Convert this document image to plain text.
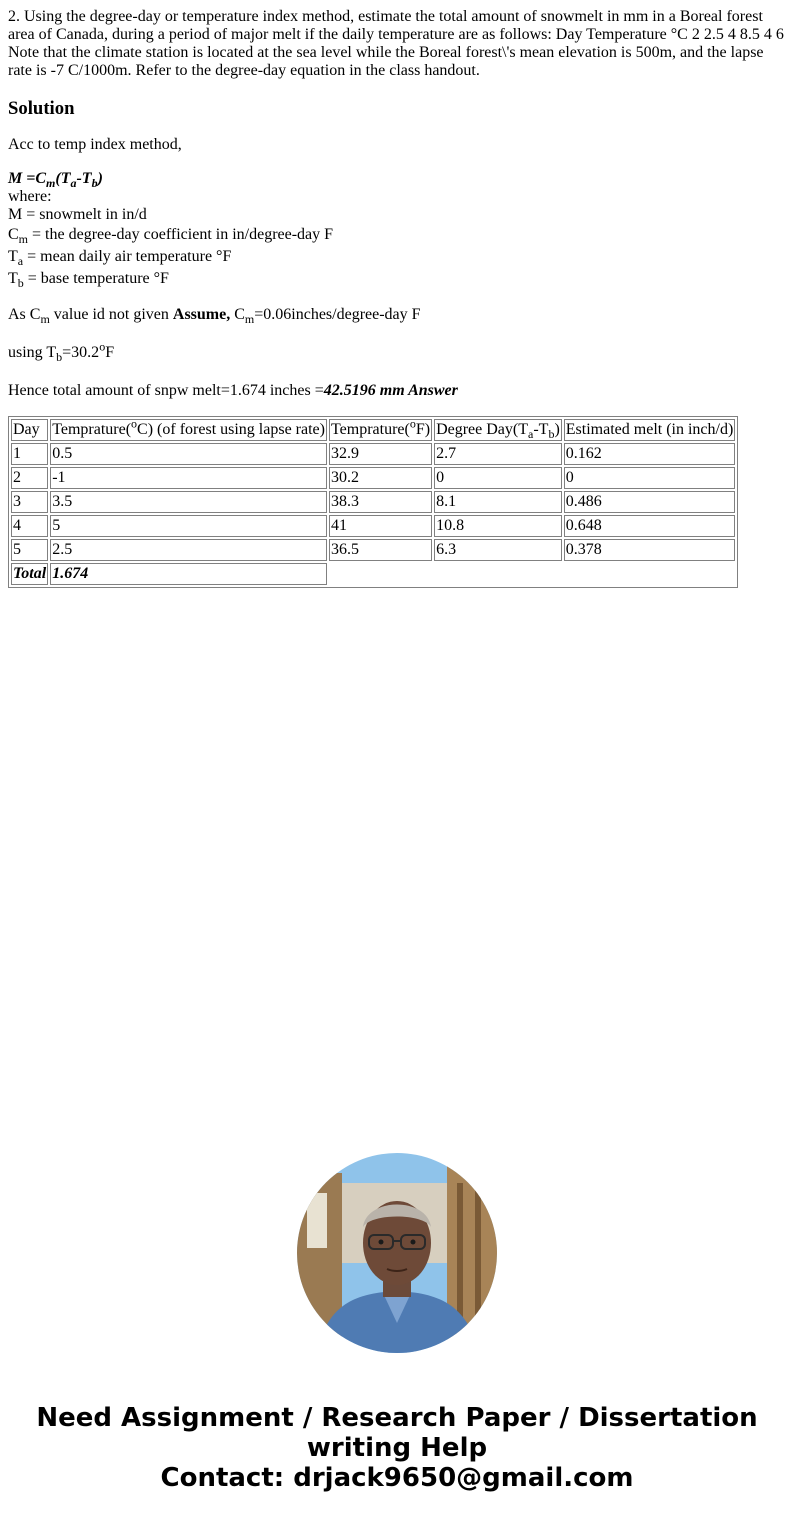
2. Using the degree-day or temperature index method, estimate the total amount of snowmelt in mm in a Boreal forest area of Canada, during a period of major melt if the daily temperature are as follows: Day Temperature °C 2 2.5 4 8.5 4 6 Note that the climate station is located at the sea level while the Boreal forest\'s mean elevation is 500m, and the lapse rate is -7 C/1000m. Refer to the degree-day equation in the class handout.
Solution

Acc to temp index method,

$M =C_m(T_a-T_b)$
where:
M = snowmelt in in/d
$C_m$ = the degree-day coefficient in in/degree-day F
$T_a$ = mean daily air temperature °F
$T_b$ = base temperature °F

As $C_m$ value id not given Assume, $C_m=0.06inches/degree$-day F

using $T_b=30.2^oF$

Hence total amount of snpw melt=1.674 inches =42.5196 mm Answer

Day	Temprature($^o$C) (of forest using lapse rate)	Temprature($^o$F)	Degree $Day(T_a-T_b)$	Estimated melt (in inch/d)
1	0.5	32.9	2.7	0.162
2	-1	30.2	0	0
3	3.5	38.3	8.1	0.486
4	5	41	10.8	0.648
5	2.5	36.5	6.3	0.378
Total	1.674			
Need Assignment / Research Paper / Dissertation
writing Help
Contact: drjack9650@gmail.com
